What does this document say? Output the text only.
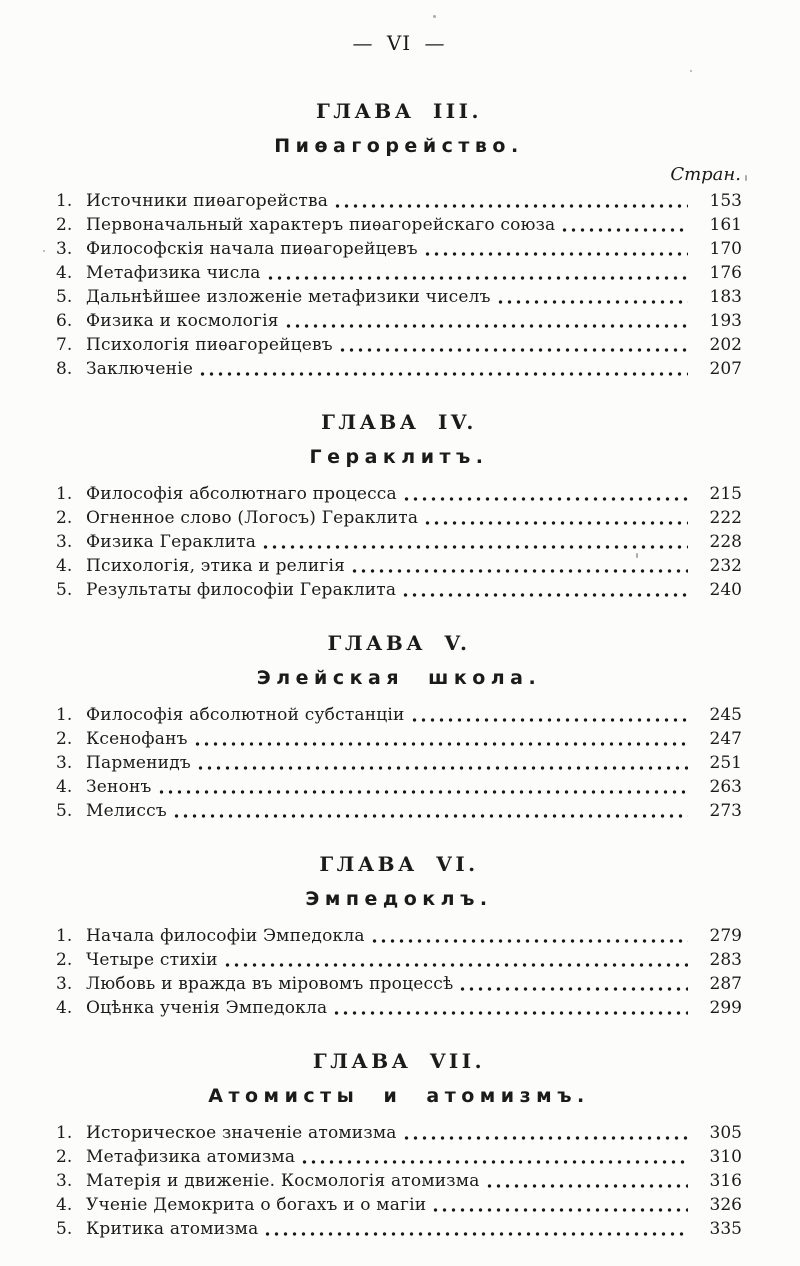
— VI —
ГЛАВА III.
Пиѳагорейство.
Стран.
1. Источники пиѳагорейства	153
2. Первоначальный характеръ пиѳагорейскаго союза	161
3. Философскія начала пиѳагорейцевъ	170
4. Метафизика числа	176
5. Дальнѣйшее изложеніе метафизики чиселъ	183
6. Физика и космологія	193
7. Психологія пиѳагорейцевъ	202
8. Заключеніе	207
ГЛАВА IV.
Гераклитъ.
1. Философія абсолютнаго процесса	215
2. Огненное слово (Логосъ) Гераклита	222
3. Физика Гераклита	228
4. Психологія, этика и религія	232
5. Результаты философіи Гераклита	240
ГЛАВА V.
Элейская школа.
1. Философія абсолютной субстанціи	245
2. Ксенофанъ	247
3. Парменидъ	251
4. Зенонъ	263
5. Мелиссъ	273
ГЛАВА VI.
Эмпедоклъ.
1. Начала философіи Эмпедокла	279
2. Четыре стихіи	283
3. Любовь и вражда въ міровомъ процессѣ	287
4. Оцѣнка ученія Эмпедокла	299
ГЛАВА VII.
Атомисты и атомизмъ.
1. Историческое значеніе атомизма	305
2. Метафизика атомизма	310
3. Матерія и движеніе. Космологія атомизма	316
4. Ученіе Демокрита о богахъ и о магіи	326
5. Критика атомизма	335
